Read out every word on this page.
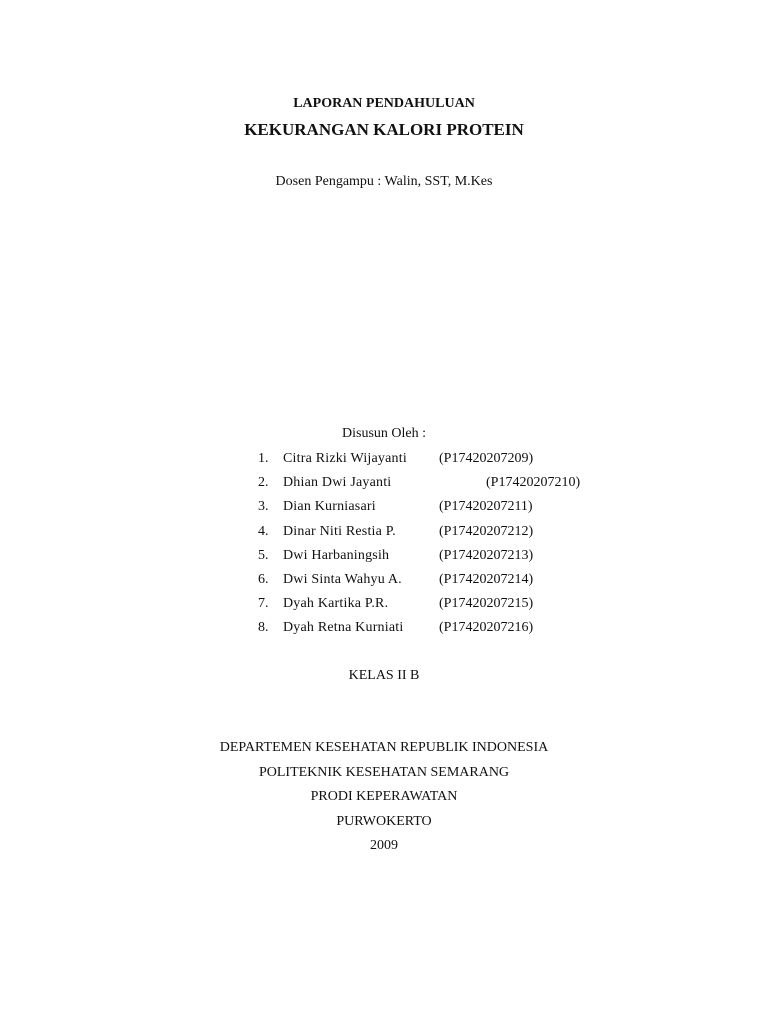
LAPORAN PENDAHULUAN
KEKURANGAN KALORI PROTEIN
Dosen Pengampu : Walin, SST, M.Kes
Disusun Oleh :
1. Citra Rizki Wijayanti (P17420207209)
2. Dhian Dwi Jayanti	(P17420207210)
3. Dian Kurniasari	(P17420207211)
4. Dinar Niti Restia P.	(P17420207212)
5. Dwi Harbaningsih	(P17420207213)
6. Dwi Sinta Wahyu A.	(P17420207214)
7. Dyah Kartika P.R.	(P17420207215)
8. Dyah Retna Kurniati	(P17420207216)
KELAS II B
DEPARTEMEN KESEHATAN REPUBLIK INDONESIA
POLITEKNIK KESEHATAN SEMARANG
PRODI KEPERAWATAN
PURWOKERTO
2009
